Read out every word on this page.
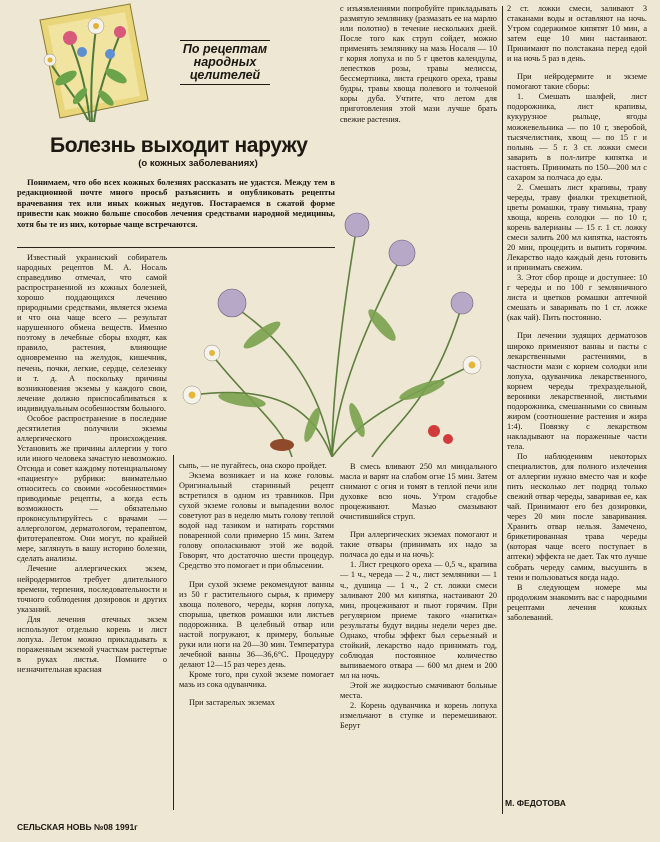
По рецептам
народных
целителей
Болезнь выходит наружу

(о кожных заболеваниях)

Понимаем, что обо всех кожных болезнях рассказать не удастся. Между тем в редакционной почте много просьб разъяснить и опубликовать рецепты врачевания тех или иных кожных недугов. Постараемся в сжатой форме привести как можно больше способов лечения средствами народной медицины, хотя бы те из них, которые чаще встречаются.

Известный украинский собиратель народных рецептов М. А. Носаль справедливо отмечал, что самой распространенной из кожных болезней, хорошо поддающихся лечению природными средствами, является экзема и что она чаще всего — результат нарушенного обмена веществ. Именно поэтому в лечебные сборы входят, как правило, растения, влияющие одновременно на желудок, кишечник, печень, почки, легкие, сердце, селезенку и т. д. А поскольку причины возникновения экземы у каждого свои, лечение должно приспосабливаться к индивидуальным особенностям больного.

Особое распространение в последние десятилетия получили экземы аллергического происхождения. Установить же причины аллергии у того или иного человека зачастую невозможно. Отсюда и совет каждому потенциальному «пациенту» рубрики: внимательно относитесь со своими «особенностями» приводимые рецепты, а когда есть возможность — обязательно проконсультируйтесь с врачами — аллергологом, дерматологом, терапевтом, фитотерапевтом. Они могут, по крайней мере, заглянуть в вашу историю болезни, сделать анализы.

Лечение аллергических экзем, нейродермитов требует длительного времени, терпения, последовательности и точного соблюдения дозировок и других указаний.

Для лечения отечных экзем используют отдельно корень и лист лопуха. Летом можно прикладывать к пораженным экземой участкам растертые в руках листья. Помните о незначительная красная

сыпь, — не пугайтесь, она скоро пройдет.

Экзема возникает и на коже головы. Оригинальный старинный рецепт встретился в одном из травников. При сухой экземе головы и выпадении волос советуют раз в неделю мыть голову теплой водой над тазиком и натирать горстями поваренной соли примерно 15 мин. Затем голову ополаскивают этой же водой. Говорят, что достаточно шести процедур. Средство это помогает и при облысении.

При сухой экземе рекомендуют ванны из 50 г растительного сырья, к примеру хвоща полевого, череды, корня лопуха, спорыша, цветков ромашки или листьев подорожника. В целебный отвар или настой погружают, к примеру, больные руки или ноги на 20—30 мин. Температура лечебной ванны 36—36,6°С. Процедуру делают 12—15 раз через день.

Кроме того, при сухой экземе помогает мазь из сока одуванчика.

При застарелых экземах

с изъязвлениями попробуйте прикладывать размятую землянику (размазать ее на марлю или полотно) в течение нескольких дней. После того как струп сойдет, можно применять землянику на мазь Носаля — 10 г корня лопуха и по 5 г цветов календулы, лепестков розы, травы мелиссы, бессмертника, листа грецкого ореха, травы будры, травы хвоща полевого и толченой коры дуба. Учтите, что летом для приготовления этой мази лучше брать свежие растения.

В смесь вливают 250 мл миндального масла и варят на слабом огне 15 мин. Затем снимают с огня и томят в теплой печи или духовке всю ночь. Утром сгадобье процеживают. Мазью смазывают очистившийся струп.

При аллергических экземах помогают и такие отвары (принимать их надо за полчаса до еды и на ночь):

1. Лист грецкого ореха — 0,5 ч., крапива — 1 ч., череда — 2 ч., лист земляники — 1 ч., душица — 1 ч., 2 ст. ложки смеси заливают 200 мл кипятка, настаивают 20 мин, процеживают и пьют горячим. При регулярном приеме такого «напитка» результаты будут видны недели через две. Однако, чтобы эффект был серьезный и стойкий, лекарство надо принимать год, соблюдая постоянное количество выпиваемого отвара — 600 мл днем и 200 мл на ночь.

Этой же жидкостью смачивают больные места.

2. Корень одуванчика и корень лопуха измельчают в ступке и перемешивают. Берут

2 ст. ложки смеси, заливают 3 стаканами воды и оставляют на ночь. Утром содержимое кипятят 10 мин, а затем еще 10 мин настаивают. Принимают по полстакана перед едой и на ночь 5 раз в день.

При нейродермите и экземе помогают такие сборы:

1. Смешать шалфей, лист подорожника, лист крапивы, кукурузное рыльце, ягоды можжевельника — по 10 г, зверобой, тысячелистник, хвощ — по 15 г и полынь — 5 г. 3 ст. ложки смеси заварить в пол-литре кипятка и настоять. Принимать по 150—200 мл с сахаром за полчаса до еды.

2. Смешать лист крапивы, траву череды, траву фиалки трехцветной, цветы ромашки, траву тимьяна, траву хвоща, корень солодки — по 10 г, корень валерианы — 15 г. 1 ст. ложку смеси залить 200 мл кипятка, настоять 20 мин, процедить и выпить горячим. Лекарство надо каждый день готовить и принимать свежим.

3. Этот сбор проще и доступнее: 10 г череды и по 100 г земляничного листа и цветков ромашки аптечной смешать и заваривать по 1 ст. ложке (как чай). Пить постоянно.

При лечении зудящих дерматозов широко применяют ванны и пасты с лекарственными растениями, в частности мази с корнем солодки или лопуха, одуванчика лекарственного, корнем череды трехраздельной, вероники лекарственной, листьями подорожника, смешанными со свиным жиром (соотношение растения и жира 1:4). Повязку с лекарством накладывают на пораженные части тела.

По наблюдениям некоторых специалистов, для полного излечения от аллергии нужно вместо чая и кофе пить несколько лет подряд только свежий отвар череды, заваривая ее, как чай. Принимают его без дозировки, через 20 мин после заваривания. Хранить отвар нельзя. Замечено, брикетированная трава череды (которая чаще всего поступает в аптеки) эффекта не дает. Так что лучше собрать череду самим, высушить в тени и пользоваться когда надо.

В следующем номере мы продолжим знакомить вас с народными рецептами лечения кожных заболеваний.

М. ФЕДОТОВА
СЕЛЬСКАЯ НОВЬ №08 1991г
